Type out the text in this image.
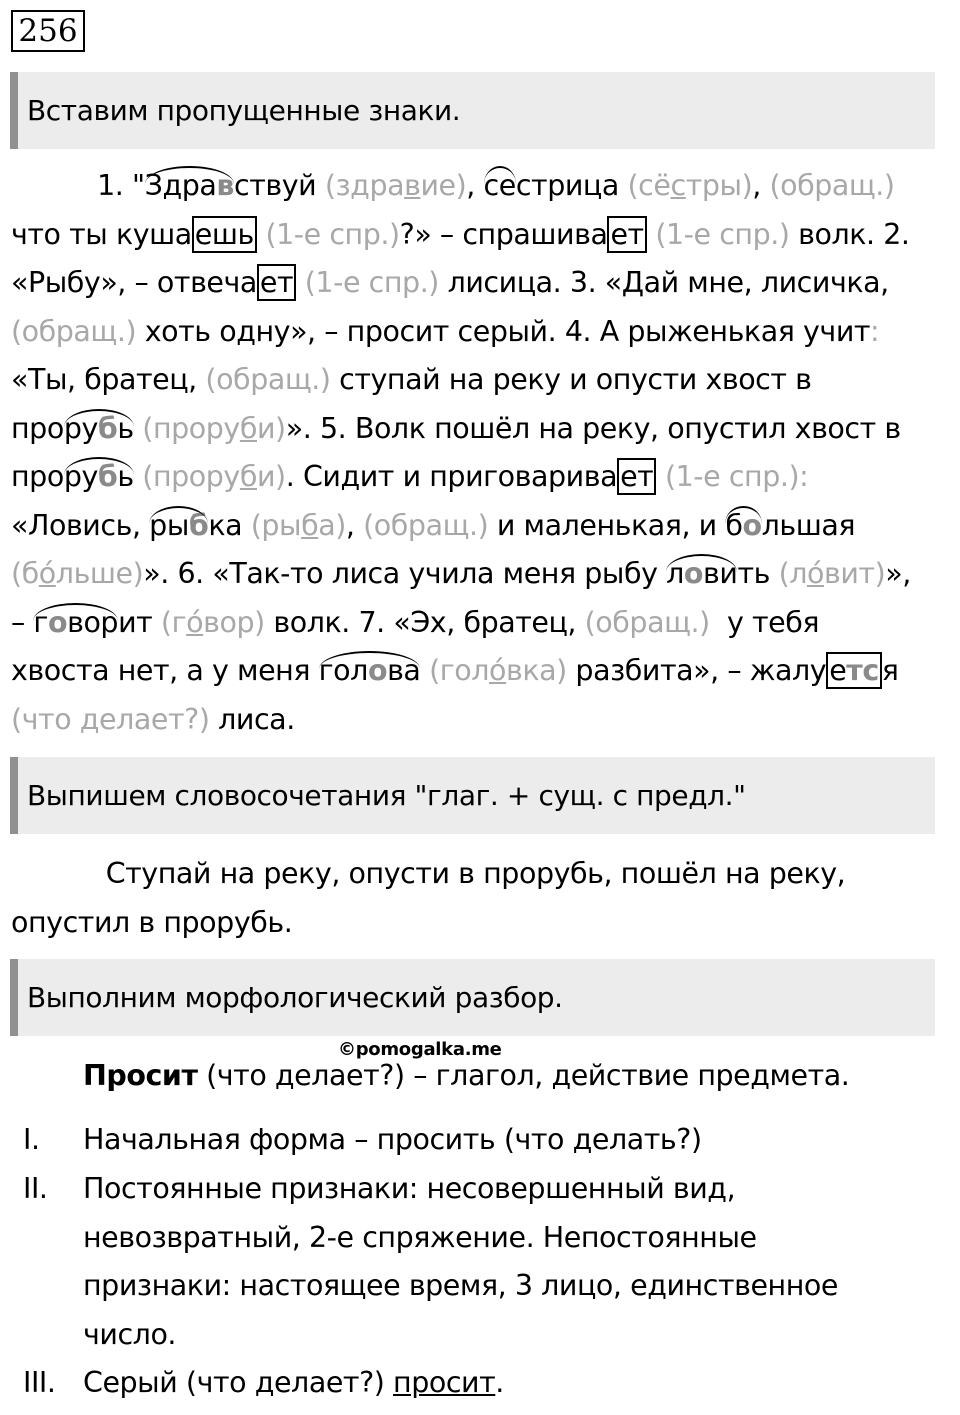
256
Вставим пропущенные знаки.
1. "Здравствуй (здравие), сестрица (сёстры), (обращ.)
что ты куша ешь (1-е спр.)?» – спрашива ет (1-е спр.) волк. 2.
«Рыбу», – отвеча ет (1-е спр.) лисица. 3. «Дай мне, лисичка,
(обращ.) хоть одну», – просит серый. 4. А рыженькая учит:
«Ты, братец, (обращ.) ступай на реку и опусти хвост в
прорубь (проруби)». 5. Волк пошёл на реку, опустил хвост в
прорубь (проруби). Сидит и приговарива ет (1-е спр.):
«Ловись, рыбка (рыба), (обращ.) и маленькая, и большая
(бо́льше)». 6. «Так-то лиса учила меня рыбу ловить (ло́вит)»,
– говорит (го́вор) волк. 7. «Эх, братец, (обращ.)  у тебя
хвоста нет, а у меня голова (голо́вка) разбита», – жалу етс я
(что делает?) лиса.
Выпишем словосочетания "глаг. + сущ. с предл."
Ступай на реку, опусти в прорубь, пошёл на реку,
опустил в прорубь.
Выполним морфологический разбор.
©pomogalka.me
Просит (что делает?) – глагол, действие предмета.
I.	Начальная форма – просить (что делать?)
II.	Постоянные признаки: несовершенный вид,
невозвратный, 2-е спряжение. Непостоянные
признаки: настоящее время, 3 лицо, единственное
число.
III. Серый (что делает?) просит.
